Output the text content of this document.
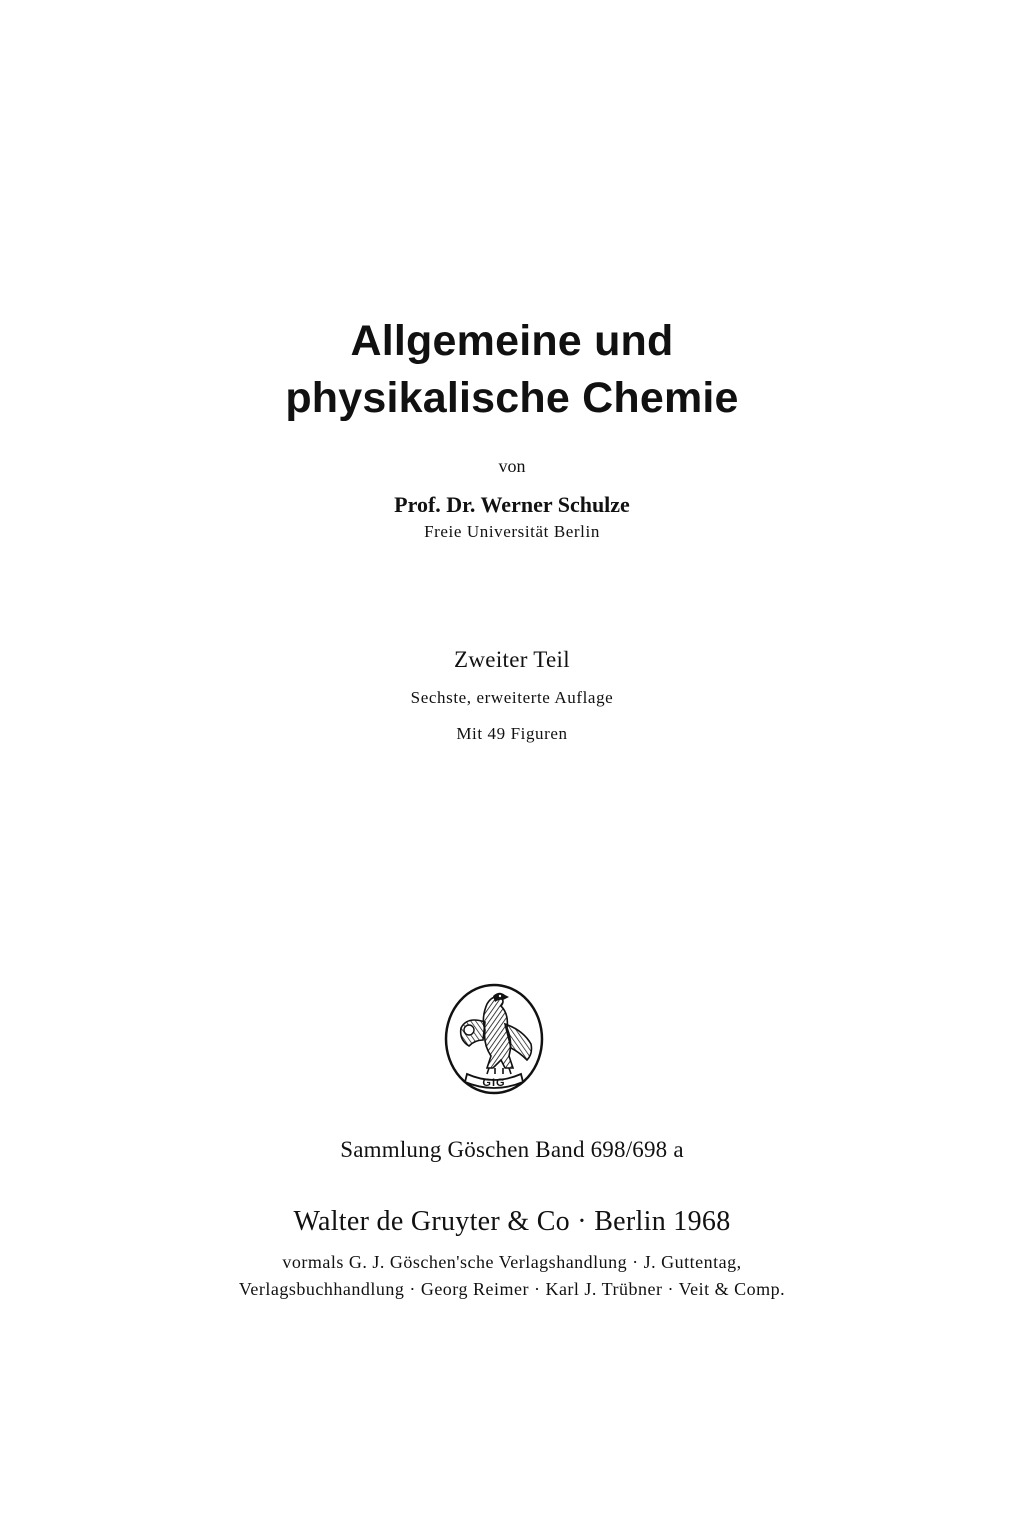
Allgemeine und
physikalische Chemie
von
Prof. Dr. Werner Schulze
Freie Universität Berlin
Zweiter Teil
Sechste, erweiterte Auflage
Mit 49 Figuren
GIG
Sammlung Göschen Band 698/698 a
Walter de Gruyter & Co · Berlin 1968
vormals G. J. Göschen'sche Verlagshandlung · J. Guttentag,
Verlagsbuchhandlung · Georg Reimer · Karl J. Trübner · Veit & Comp.
